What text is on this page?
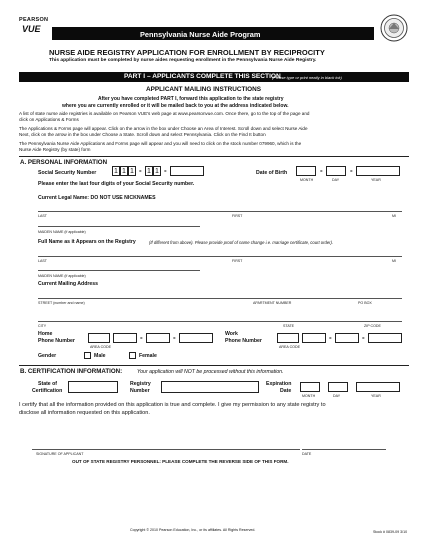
PEARSON
VUE
Pennsylvania Nurse Aide Program
NURSE AIDE REGISTRY APPLICATION FOR ENROLLMENT BY RECIPROCITY
This application must be completed by nurse aides requesting enrollment in the Pennsylvania Nurse Aide Registry.
PART I – APPLICANTS COMPLETE THIS SECTION
(Please type or print neatly in black ink)
APPLICANT MAILING INSTRUCTIONS
After you have completed PART I, forward this application to the state registry
where you are currently enrolled or it will be mailed back to you at the address indicated below.
A list of state nurse aide registries is available on Pearson VUE's web page at www.pearsonvue.com. Once there, go to the top of the page and
click on Applications & Forms
The Applications & Forms page will appear. Click on the arrow in the box under Choose an Area of Interest. Scroll down and select Nurse Aide
Next, click on the arrow in the box under Choose a State. Scroll down and select Pennsylvania. Click on the Find It button
The Pennsylvania Nurse Aide Applications and Forms page will appear and you will need to click on the stock number 079960, which is the
Nurse Aide Registry (by state) form
A. PERSONAL INFORMATION
Social Security Number	1 1 1 - 1 1 -	Date of Birth	-	-
MONTH	DAY	YEAR
Please enter the last four digits of your Social Security number.
Current Legal Name: DO NOT USE NICKNAMES
LAST	FIRST	MI
MAIDEN NAME (if applicable)
Full Name as it Appears on the Registry	(If different from above). Please provide proof of name change i.e. marriage certificate, court order).
LAST	FIRST	MI
MAIDEN NAME (if applicable)
Current Mailing Address
STREET (number and name)	APARTMENT NUMBER	PO BOX
CITY	STATE	ZIP CODE
Home
Phone Number	-	-
AREA CODE
Work
Phone Number	-	-
AREA CODE
Gender	Male	Female
B. CERTIFICATION INFORMATION:	Your application will NOT be processed without this information.
State of
Certification
Registry
Number
Expiration
Date
MONTH	DAY	YEAR
I certify that all the information provided on this application is true and complete. I give my permission to any state registry to
disclose all information requested on this application.
SIGNATURE OF APPLICANT	DATE
OUT OF STATE REGISTRY PERSONNEL: PLEASE COMPLETE THE REVERSE SIDE OF THIS FORM.
Copyright © 2010 Pearson Education, Inc., or its affiliates. All Rights Reserved.	Stock # 0839-09 3/10
